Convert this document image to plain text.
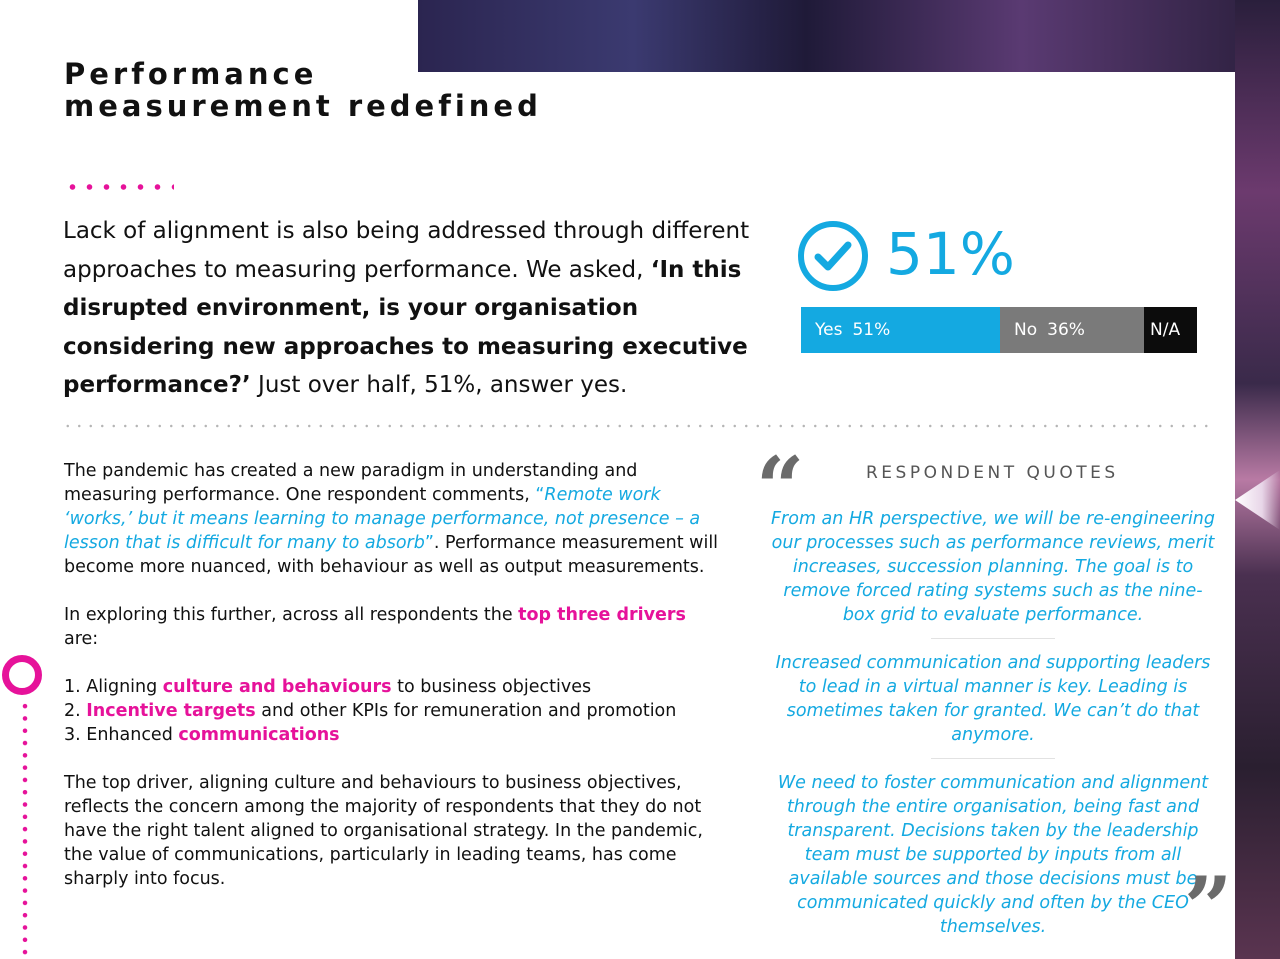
Performance
measurement redefined

Lack of alignment is also being addressed through different approaches to measuring performance. We asked, ‘In this disrupted environment, is your organisation considering new approaches to measuring executive performance?’ Just over half, 51%, answer yes.

51%
Yes 51%	No 36%	N/A

The pandemic has created a new paradigm in understanding and measuring performance. One respondent comments, “Remote work ‘works,’ but it means learning to manage performance, not presence – a lesson that is difficult for many to absorb”. Performance measurement will become more nuanced, with behaviour as well as output measurements.

In exploring this further, across all respondents the top three drivers are:

1. Aligning culture and behaviours to business objectives
2. Incentive targets and other KPIs for remuneration and promotion
3. Enhanced communications

The top driver, aligning culture and behaviours to business objectives, reflects the concern among the majority of respondents that they do not have the right talent aligned to organisational strategy. In the pandemic, the value of communications, particularly in leading teams, has come sharply into focus.

“	RESPONDENT QUOTES

From an HR perspective, we will be re-engineering our processes such as performance reviews, merit increases, succession planning. The goal is to remove forced rating systems such as the nine-box grid to evaluate performance.

Increased communication and supporting leaders to lead in a virtual manner is key. Leading is sometimes taken for granted. We can’t do that anymore.

We need to foster communication and alignment through the entire organisation, being fast and transparent. Decisions taken by the leadership team must be supported by inputs from all available sources and those decisions must be communicated quickly and often by the CEO themselves.	”
